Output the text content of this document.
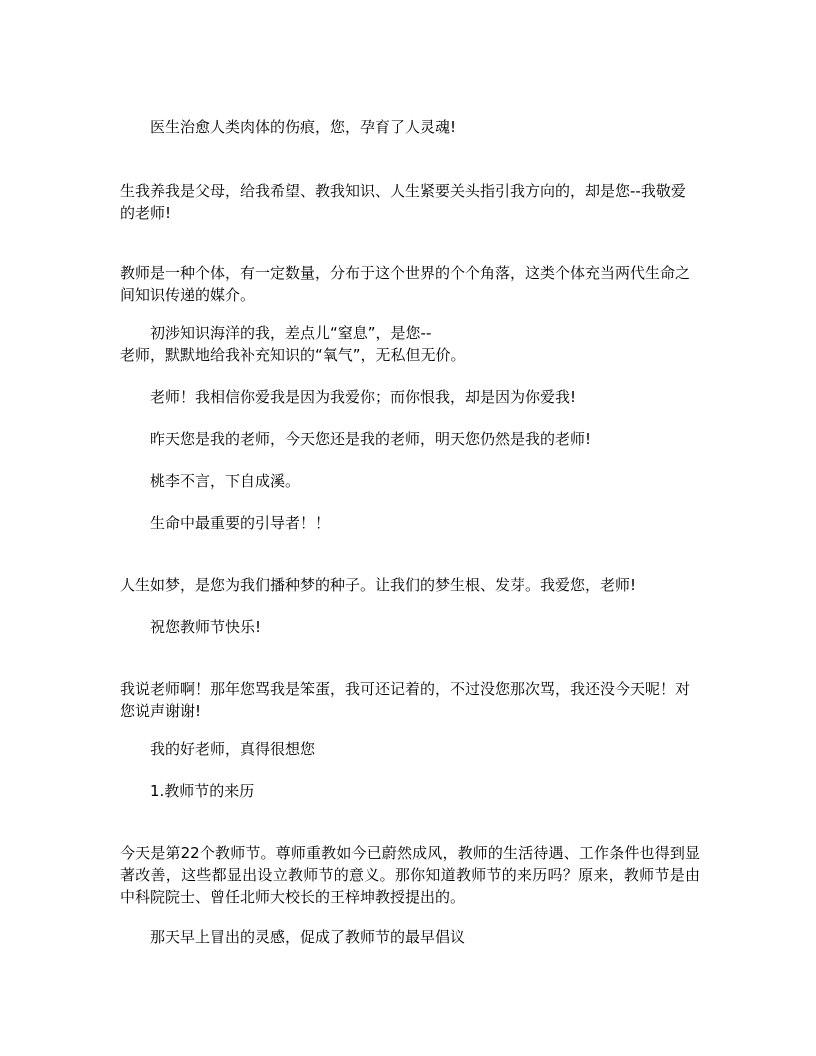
医生治愈人类肉体的伤痕，您，孕育了人灵魂!

生我养我是父母，给我希望、教我知识、人生紧要关头指引我方向的，却是您--我敬爱的老师!

教师是一种个体，有一定数量，分布于这个世界的个个角落，这类个体充当两代生命之间知识传递的媒介。

初涉知识海洋的我，差点儿“窒息”，是您--

老师，默默地给我补充知识的“氧气”，无私但无价。

老师！我相信你爱我是因为我爱你；而你恨我，却是因为你爱我!

昨天您是我的老师，今天您还是我的老师，明天您仍然是我的老师!

桃李不言，下自成溪。

生命中最重要的引导者！！

人生如梦，是您为我们播种梦的种子。让我们的梦生根、发芽。我爱您，老师!

祝您教师节快乐!

我说老师啊！那年您骂我是笨蛋，我可还记着的，不过没您那次骂，我还没今天呢！对您说声谢谢!

我的好老师，真得很想您

1.教师节的来历

今天是第22个教师节。尊师重教如今已蔚然成风，教师的生活待遇、工作条件也得到显著改善，这些都显出设立教师节的意义。那你知道教师节的来历吗？原来，教师节是由中科院院士、曾任北师大校长的王梓坤教授提出的。

那天早上冒出的灵感，促成了教师节的最早倡议
